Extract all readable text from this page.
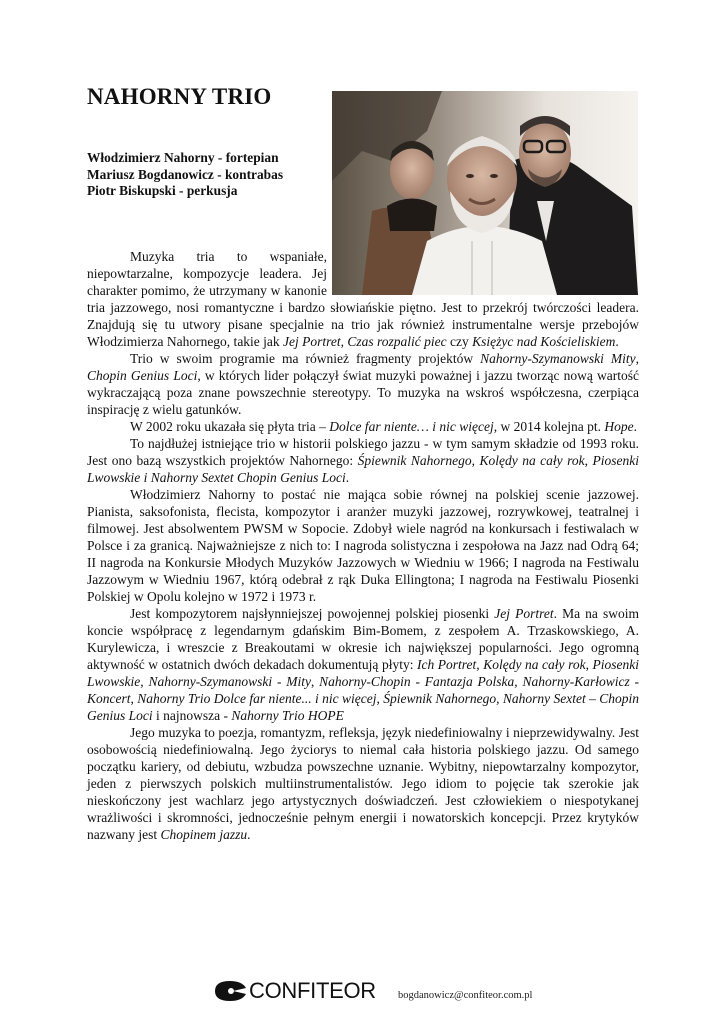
NAHORNY TRIO
Włodzimierz Nahorny - fortepian
Mariusz Bogdanowicz - kontrabas
Piotr Biskupski - perkusja

Muzyka tria to wspaniałe, niepowtarzalne, kompozycje leadera. Jej charakter pomimo, że utrzymany w kanonie tria jazzowego, nosi romantyczne i bardzo słowiańskie piętno. Jest to przekrój twórczości leadera. Znajdują się tu utwory pisane specjalnie na trio jak również instrumentalne wersje przebojów Włodzimierza Nahornego, takie jak Jej Portret, Czas rozpalić piec czy Księżyc nad Kościeliskiem.

Trio w swoim programie ma również fragmenty projektów Nahorny-Szymanowski Mity, Chopin Genius Loci, w których lider połączył świat muzyki poważnej i jazzu tworząc nową wartość wykraczającą poza znane powszechnie stereotypy. To muzyka na wskroś współczesna, czerpiąca inspirację z wielu gatunków.

W 2002 roku ukazała się płyta tria – Dolce far niente… i nic więcej, w 2014 kolejna pt. Hope.

To najdłużej istniejące trio w historii polskiego jazzu - w tym samym składzie od 1993 roku. Jest ono bazą wszystkich projektów Nahornego: Śpiewnik Nahornego, Kolędy na cały rok, Piosenki Lwowskie i Nahorny Sextet Chopin Genius Loci.

Włodzimierz Nahorny to postać nie mająca sobie równej na polskiej scenie jazzowej. Pianista, saksofonista, flecista, kompozytor i aranżer muzyki jazzowej, rozrywkowej, teatralnej i filmowej. Jest absolwentem PWSM w Sopocie. Zdobył wiele nagród na konkursach i festiwalach w Polsce i za granicą. Najważniejsze z nich to: I nagroda solistyczna i zespołowa na Jazz nad Odrą 64; II nagroda na Konkursie Młodych Muzyków Jazzowych w Wiedniu w 1966; I nagroda na Festiwalu Jazzowym w Wiedniu 1967, którą odebrał z rąk Duka Ellingtona; I nagroda na Festiwalu Piosenki Polskiej w Opolu kolejno w 1972 i 1973 r.

Jest kompozytorem najsłynniejszej powojennej polskiej piosenki Jej Portret. Ma na swoim koncie współpracę z legendarnym gdańskim Bim-Bomem, z zespołem A. Trzaskowskiego, A. Kurylewicza, i wreszcie z Breakoutami w okresie ich największej popularności. Jego ogromną aktywność w ostatnich dwóch dekadach dokumentują płyty: Ich Portret, Kolędy na cały rok, Piosenki Lwowskie, Nahorny-Szymanowski - Mity, Nahorny-Chopin - Fantazja Polska, Nahorny-Karłowicz - Koncert, Nahorny Trio Dolce far niente... i nic więcej, Śpiewnik Nahornego, Nahorny Sextet – Chopin Genius Loci i najnowsza - Nahorny Trio HOPE

Jego muzyka to poezja, romantyzm, refleksja, język niedefiniowalny i nieprzewidywalny. Jest osobowością niedefiniowalną. Jego życiorys to niemal cała historia polskiego jazzu. Od samego początku kariery, od debiutu, wzbudza powszechne uznanie. Wybitny, niepowtarzalny kompozytor, jeden z pierwszych polskich multiinstrumentalistów. Jego idiom to pojęcie tak szerokie jak nieskończony jest wachlarz jego artystycznych doświadczeń. Jest człowiekiem o niespotykanej wrażliwości i skromności, jednocześnie pełnym energii i nowatorskich koncepcji. Przez krytyków nazwany jest Chopinem jazzu.

CONFITEOR bogdanowicz@confiteor.com.pl
